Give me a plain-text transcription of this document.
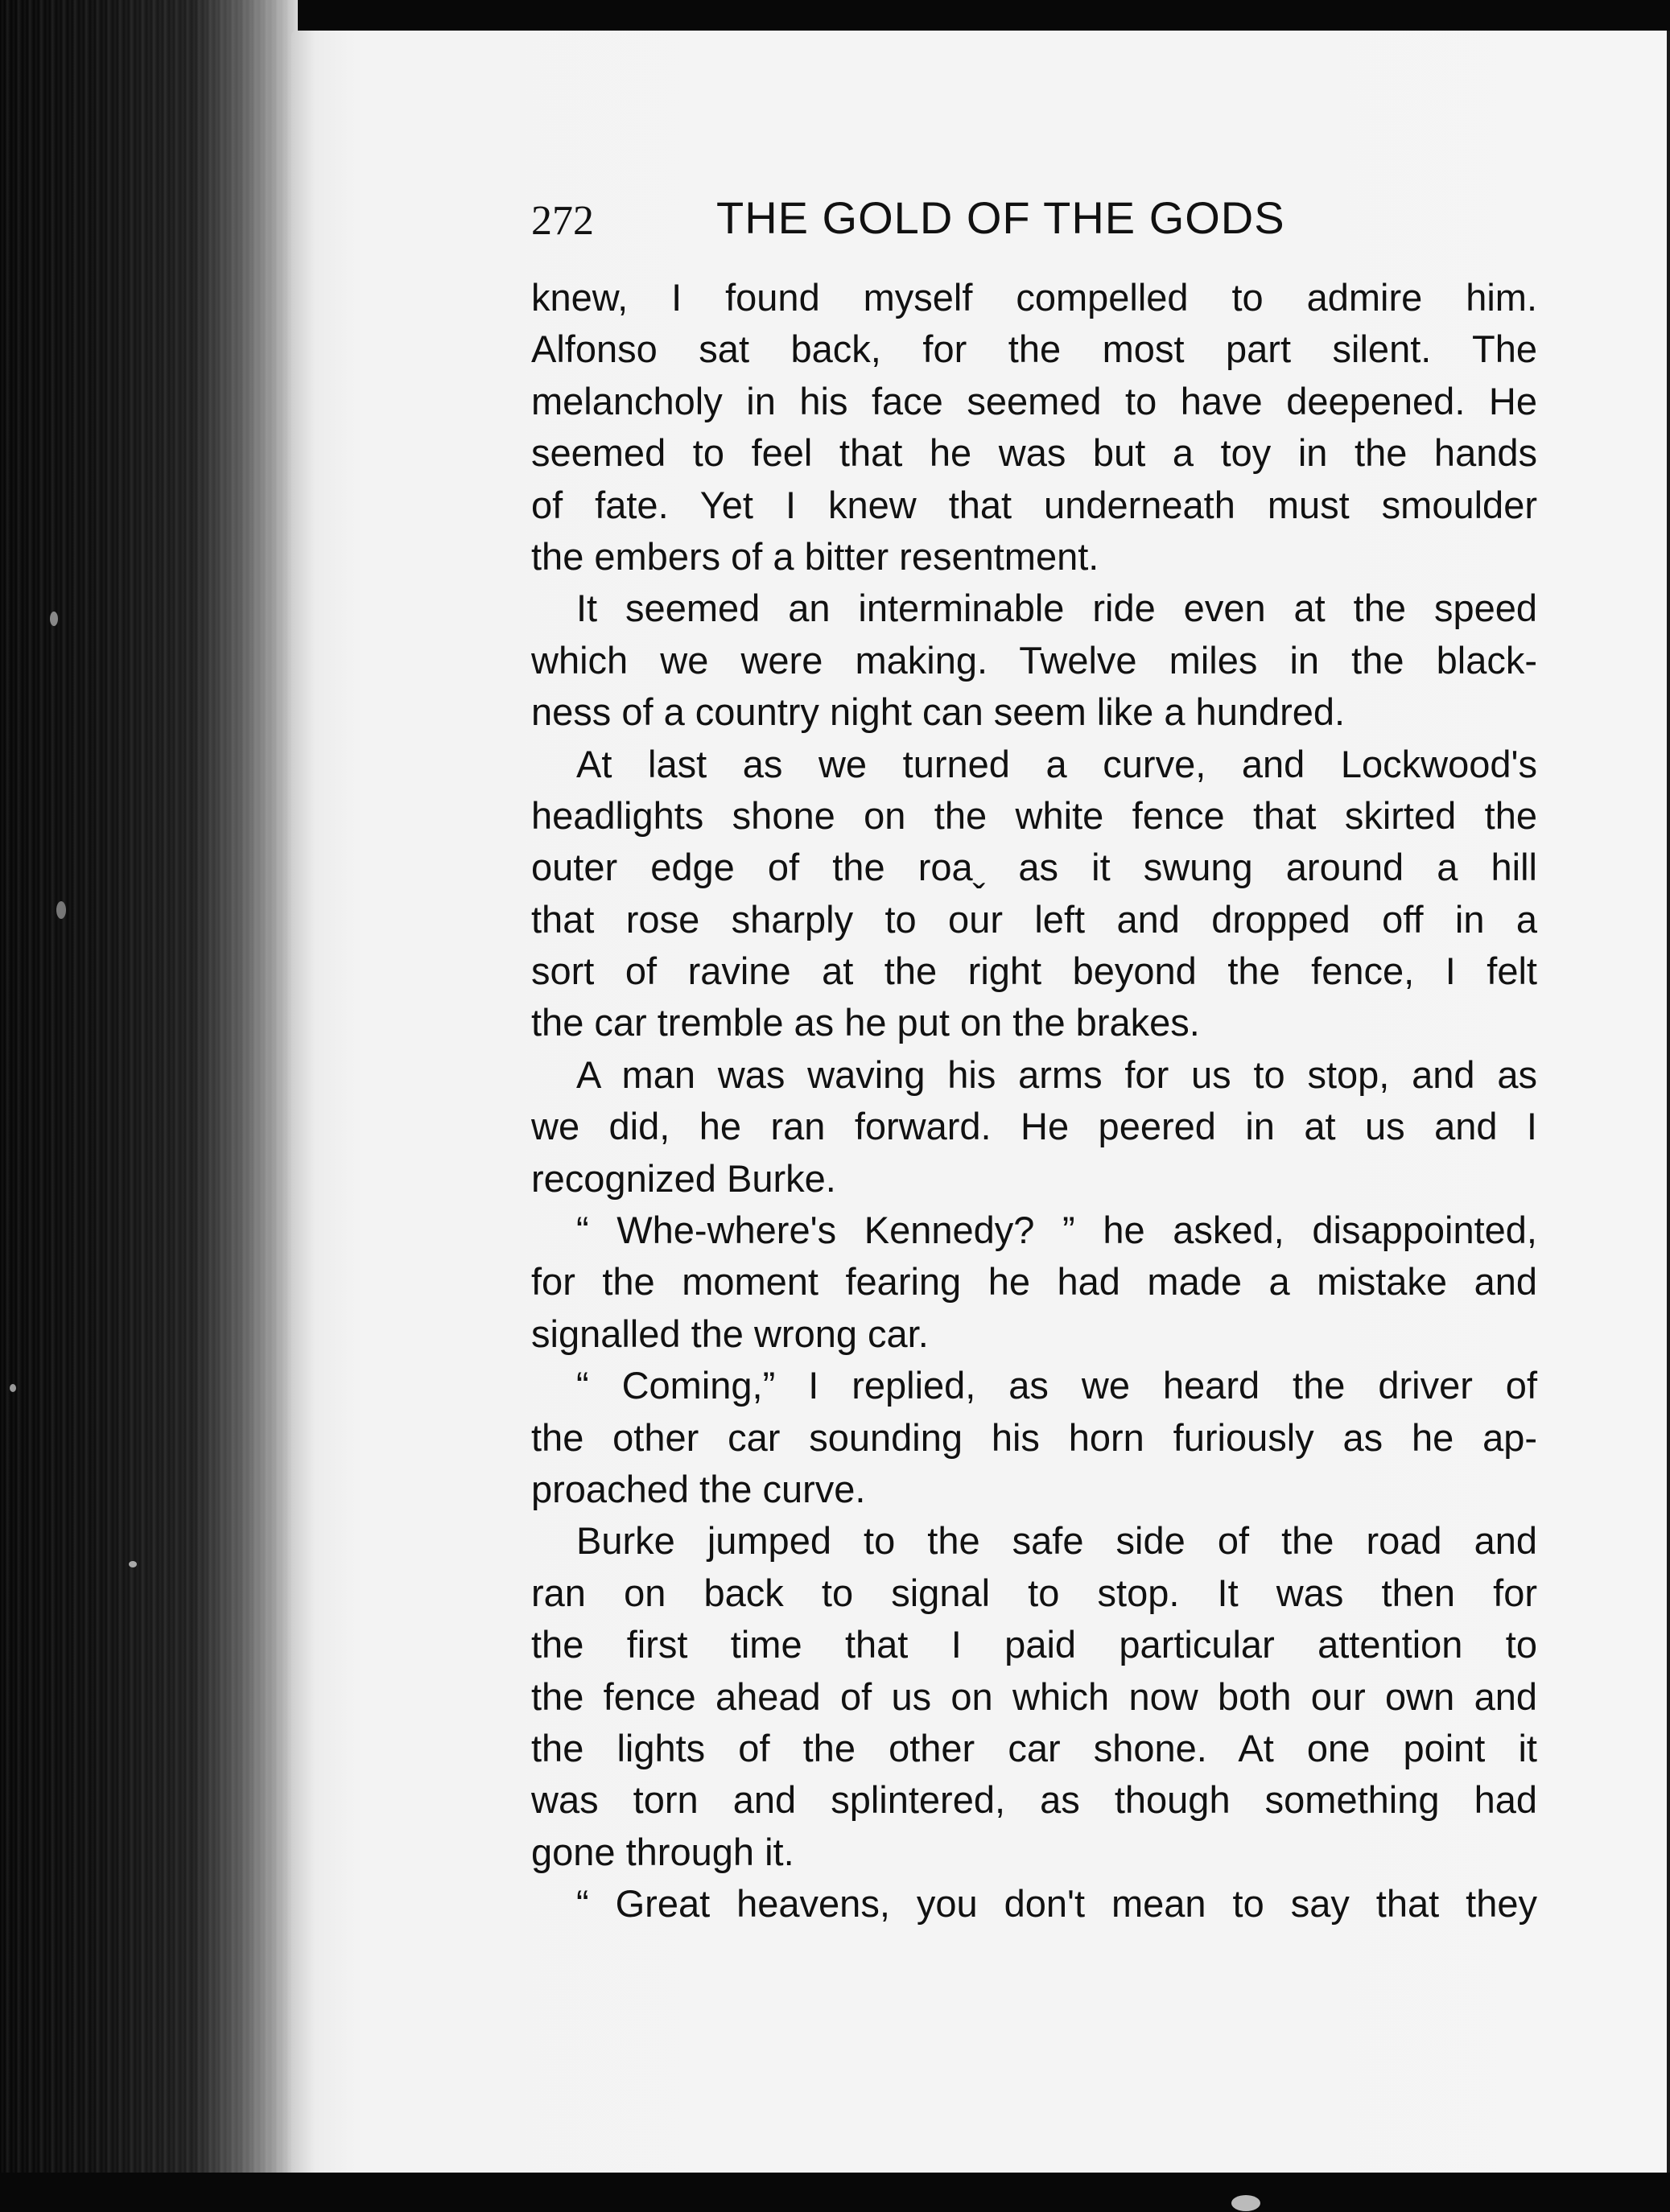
272	THE GOLD OF THE GODS
knew, I found myself compelled to admire him.
Alfonso sat back, for the most part silent. The
melancholy in his face seemed to have deepened. He
seemed to feel that he was but a toy in the hands
of fate. Yet I knew that underneath must smoulder
the embers of a bitter resentment.
It seemed an interminable ride even at the speed
which we were making. Twelve miles in the black-
ness of a country night can seem like a hundred.
At last as we turned a curve, and Lockwood's
headlights shone on the white fence that skirted the
outer edge of the roaˬ as it swung around a hill
that rose sharply to our left and dropped off in a
sort of ravine at the right beyond the fence, I felt
the car tremble as he put on the brakes.
A man was waving his arms for us to stop, and as
we did, he ran forward. He peered in at us and I
recognized Burke.
“ Whe-where's Kennedy? ” he asked, disappointed,
for the moment fearing he had made a mistake and
signalled the wrong car.
“ Coming,” I replied, as we heard the driver of
the other car sounding his horn furiously as he ap-
proached the curve.
Burke jumped to the safe side of the road and
ran on back to signal to stop. It was then for
the first time that I paid particular attention to
the fence ahead of us on which now both our own and
the lights of the other car shone. At one point it
was torn and splintered, as though something had
gone through it.
“ Great heavens, you don't mean to say that they
